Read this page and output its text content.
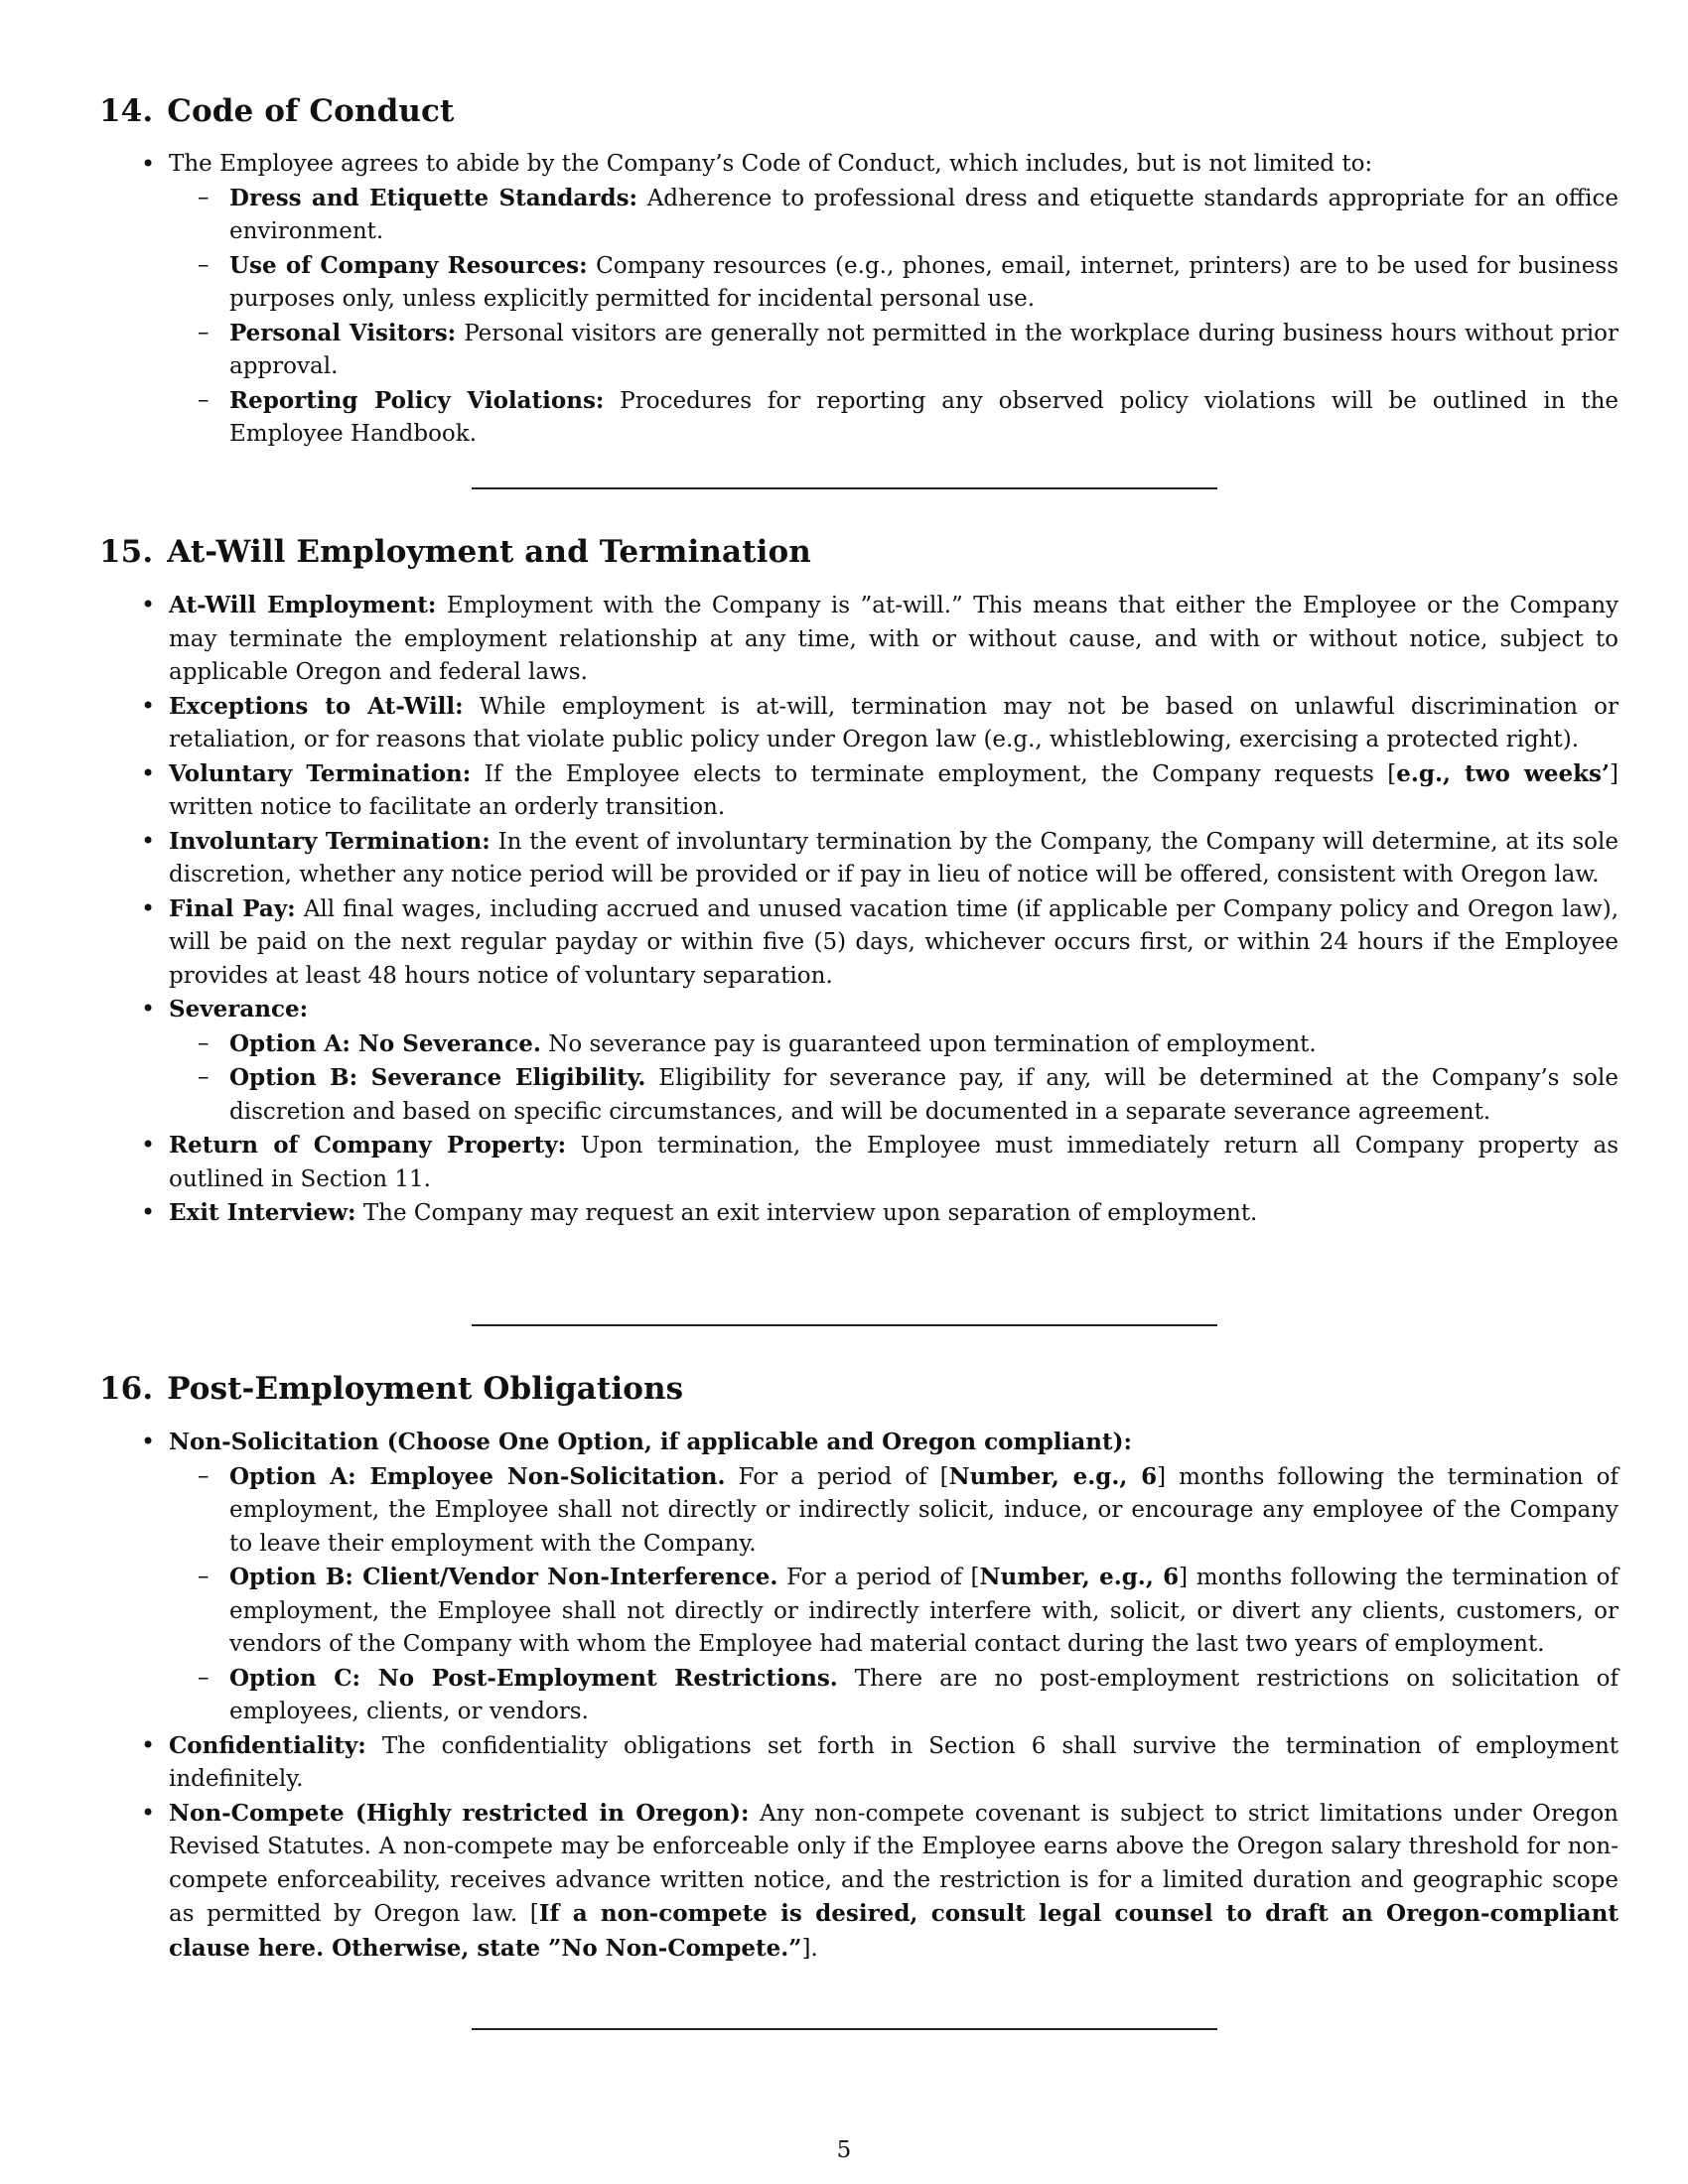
14. Code of Conduct
• The Employee agrees to abide by the Company’s Code of Conduct, which includes, but is not limited to:
– Dress and Etiquette Standards: Adherence to professional dress and etiquette standards appropriate for an office environment.
– Use of Company Resources: Company resources (e.g., phones, email, internet, printers) are to be used for business purposes only, unless explicitly permitted for incidental personal use.
– Personal Visitors: Personal visitors are generally not permitted in the workplace during business hours without prior approval.
– Reporting Policy Violations: Procedures for reporting any observed policy violations will be outlined in the Employee Handbook.
15. At-Will Employment and Termination
• At-Will Employment: Employment with the Company is ”at-will.” This means that either the Employee or the Company may terminate the employment relationship at any time, with or without cause, and with or without notice, subject to applicable Oregon and federal laws.
• Exceptions to At-Will: While employment is at-will, termination may not be based on unlawful discrimination or retaliation, or for reasons that violate public policy under Oregon law (e.g., whistleblowing, exercising a protected right).
• Voluntary Termination: If the Employee elects to terminate employment, the Company requests [e.g., two weeks’] written notice to facilitate an orderly transition.
• Involuntary Termination: In the event of involuntary termination by the Company, the Company will determine, at its sole discretion, whether any notice period will be provided or if pay in lieu of notice will be offered, consistent with Oregon law.
• Final Pay: All final wages, including accrued and unused vacation time (if applicable per Company policy and Oregon law), will be paid on the next regular payday or within five (5) days, whichever occurs first, or within 24 hours if the Employee provides at least 48 hours notice of voluntary separation.
• Severance:
– Option A: No Severance. No severance pay is guaranteed upon termination of employment.
– Option B: Severance Eligibility. Eligibility for severance pay, if any, will be determined at the Company’s sole discretion and based on specific circumstances, and will be documented in a separate severance agreement.
• Return of Company Property: Upon termination, the Employee must immediately return all Company property as outlined in Section 11.
• Exit Interview: The Company may request an exit interview upon separation of employment.
16. Post-Employment Obligations
• Non-Solicitation (Choose One Option, if applicable and Oregon compliant):
– Option A: Employee Non-Solicitation. For a period of [Number, e.g., 6] months following the termination of employment, the Employee shall not directly or indirectly solicit, induce, or encourage any employee of the Company to leave their employment with the Company.
– Option B: Client/Vendor Non-Interference. For a period of [Number, e.g., 6] months following the termination of employment, the Employee shall not directly or indirectly interfere with, solicit, or divert any clients, customers, or vendors of the Company with whom the Employee had material contact during the last two years of employment.
– Option C: No Post-Employment Restrictions. There are no post-employment restrictions on solicitation of employees, clients, or vendors.
• Confidentiality: The confidentiality obligations set forth in Section 6 shall survive the termination of employment indefinitely.
• Non-Compete (Highly restricted in Oregon): Any non-compete covenant is subject to strict limitations under Oregon Revised Statutes. A non-compete may be enforceable only if the Employee earns above the Oregon salary threshold for non-compete enforceability, receives advance written notice, and the restriction is for a limited duration and geographic scope as permitted by Oregon law. [If a non-compete is desired, consult legal counsel to draft an Oregon-compliant clause here. Otherwise, state ”No Non-Compete.”].
5
